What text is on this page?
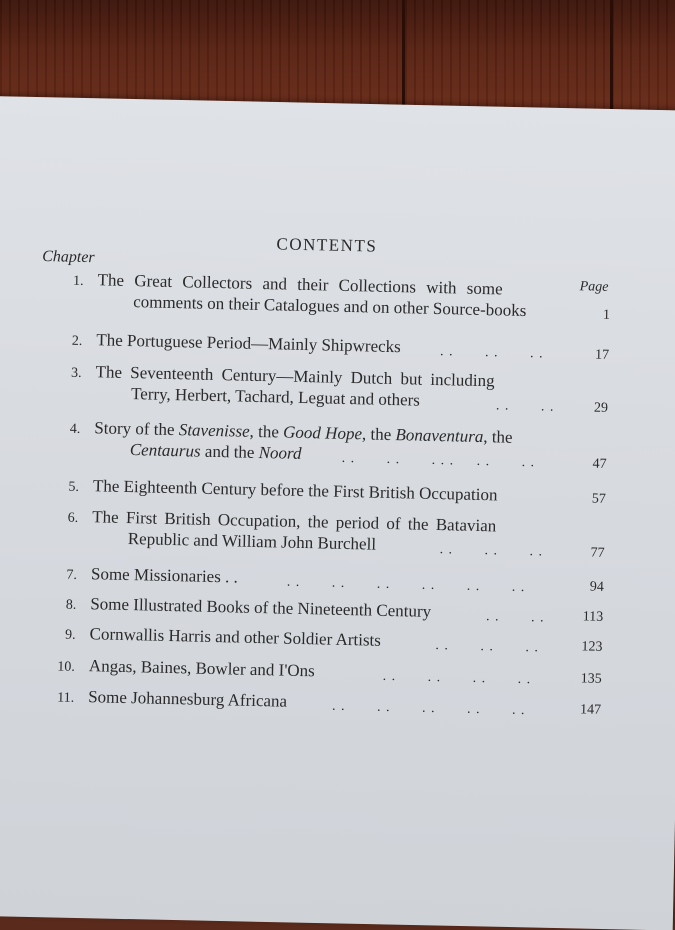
CONTENTS
Chapter
Page
1. The Great Collectors and their Collections with some
comments on their Catalogues and on other Source-books	1
2. The Portuguese Period—Mainly Shipwrecks	. .       . .       . .	17
3. The Seventeenth Century—Mainly Dutch but including
Terry, Herbert, Tachard, Leguat and others	. .       . .	29
4. Story of the Stavenisse, the Good Hope, the Bonaventura, the
Centaurus and the Noord	. .       . .       . . .     . .       . .	47
5. The Eighteenth Century before the First British Occupation	57
6. The First British Occupation, the period of the Batavian
Republic and William John Burchell	. .       . .       . .	77
7. Some Missionaries . .	. .       . .       . .       . .       . .       . .	94
8. Some Illustrated Books of the Nineteenth Century	. .       . .	113
9. Cornwallis Harris and other Soldier Artists	. .       . .       . .	123
10. Angas, Baines, Bowler and I'Ons	. .       . .       . .       . .	135
11. Some Johannesburg Africana	. .       . .       . .       . .       . .	147
